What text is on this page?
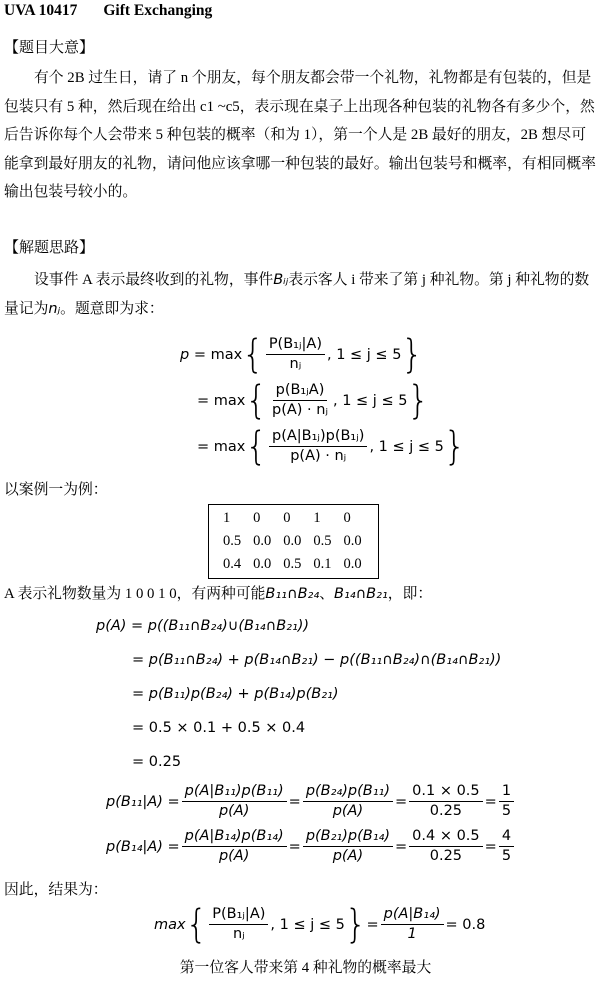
UVA 10417 Gift Exchanging
【题目大意】
有个 2B 过生日，请了 n 个朋友，每个朋友都会带一个礼物，礼物都是有包装的，但是
包装只有 5 种，然后现在给出 c1 ~c5，表示现在桌子上出现各种包装的礼物各有多少个，然
后告诉你每个人会带来 5 种包装的概率（和为 1），第一个人是 2B 最好的朋友，2B 想尽可
能拿到最好朋友的礼物，请问他应该拿哪一种包装的最好。输出包装号和概率，有相同概率
输出包装号较小的。
【解题思路】
设事件 A 表示最终收到的礼物，事件Bᵢⱼ表示客人 i 带来了第 j 种礼物。第 j 种礼物的数
量记为nⱼ。题意即为求：
p =
max { $\frac{\text{P(B₁ⱼ|A)}}{\text{nⱼ}}$ , 1 ≤ j ≤ 5 }
=
max { $\frac{\text{p(B₁ⱼA)}}{\text{p(A) · nⱼ}}$ , 1 ≤ j ≤ 5 }
=
max { $\frac{\text{p(A|B₁ⱼ)p(B₁ⱼ)}}{\text{p(A) · nⱼ}}$ , 1 ≤ j ≤ 5 }
以案例一为例：
1	0	0	1	0
0.5	0.0	0.0	0.5	0.0
0.4	0.0	0.5	0.1	0.0
A 表示礼物数量为 1 0 0 1 0，有两种可能B₁₁∩B₂₄、B₁₄∩B₂₁，即：
p(A) = p((B₁₁∩B₂₄)∪(B₁₄∩B₂₁))
= p(B₁₁∩B₂₄) + p(B₁₄∩B₂₁) − p((B₁₁∩B₂₄)∩(B₁₄∩B₂₁))
= p(B₁₁)p(B₂₄) + p(B₁₄)p(B₂₁)
= 0.5 × 0.1 + 0.5 × 0.4
= 0.25
$p(B_{11}|A) = \frac{\text{p(A|B₁₁)p(B₁₁)}}{p(A)} = \frac{\text{p(B₂₄)p(B₁₁)}}{p(A)} = \frac{0.1 \times 0.5}{0.25} = \frac{1}{5}$
$p(B_{14}|A) = \frac{\text{p(A|B₁₄)p(B₁₄)}}{p(A)} = \frac{\text{p(B₂₁)p(B₁₄)}}{p(A)} = \frac{0.4 \times 0.5}{0.25} = \frac{4}{5}$
因此，结果为：
max { $\frac{\text{P(B₁ⱼ|A)}}{\text{nⱼ}}$ , 1 ≤ j ≤ 5 } = $\frac{\text{p(A|B₁₄)}}{1} = 0.8$
第一位客人带来第 4 种礼物的概率最大
